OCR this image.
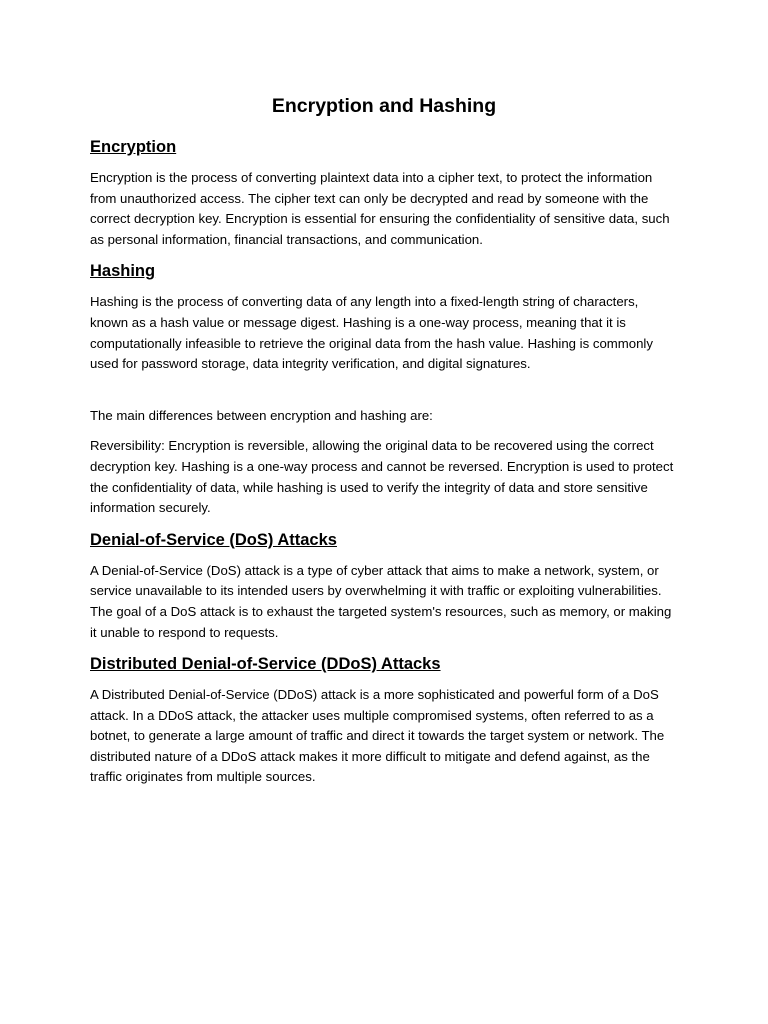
Encryption and Hashing
Encryption

Encryption is the process of converting plaintext data into a cipher text, to protect the information from unauthorized access. The cipher text can only be decrypted and read by someone with the correct decryption key. Encryption is essential for ensuring the confidentiality of sensitive data, such as personal information, financial transactions, and communication.

Hashing

Hashing is the process of converting data of any length into a fixed-length string of characters, known as a hash value or message digest. Hashing is a one-way process, meaning that it is computationally infeasible to retrieve the original data from the hash value. Hashing is commonly used for password storage, data integrity verification, and digital signatures.

The main differences between encryption and hashing are:

Reversibility: Encryption is reversible, allowing the original data to be recovered using the correct decryption key. Hashing is a one-way process and cannot be reversed. Encryption is used to protect the confidentiality of data, while hashing is used to verify the integrity of data and store sensitive information securely.

Denial-of-Service (DoS) Attacks

A Denial-of-Service (DoS) attack is a type of cyber attack that aims to make a network, system, or service unavailable to its intended users by overwhelming it with traffic or exploiting vulnerabilities. The goal of a DoS attack is to exhaust the targeted system's resources, such as memory, or making it unable to respond to requests.

Distributed Denial-of-Service (DDoS) Attacks

A Distributed Denial-of-Service (DDoS) attack is a more sophisticated and powerful form of a DoS attack. In a DDoS attack, the attacker uses multiple compromised systems, often referred to as a botnet, to generate a large amount of traffic and direct it towards the target system or network. The distributed nature of a DDoS attack makes it more difficult to mitigate and defend against, as the traffic originates from multiple sources.
